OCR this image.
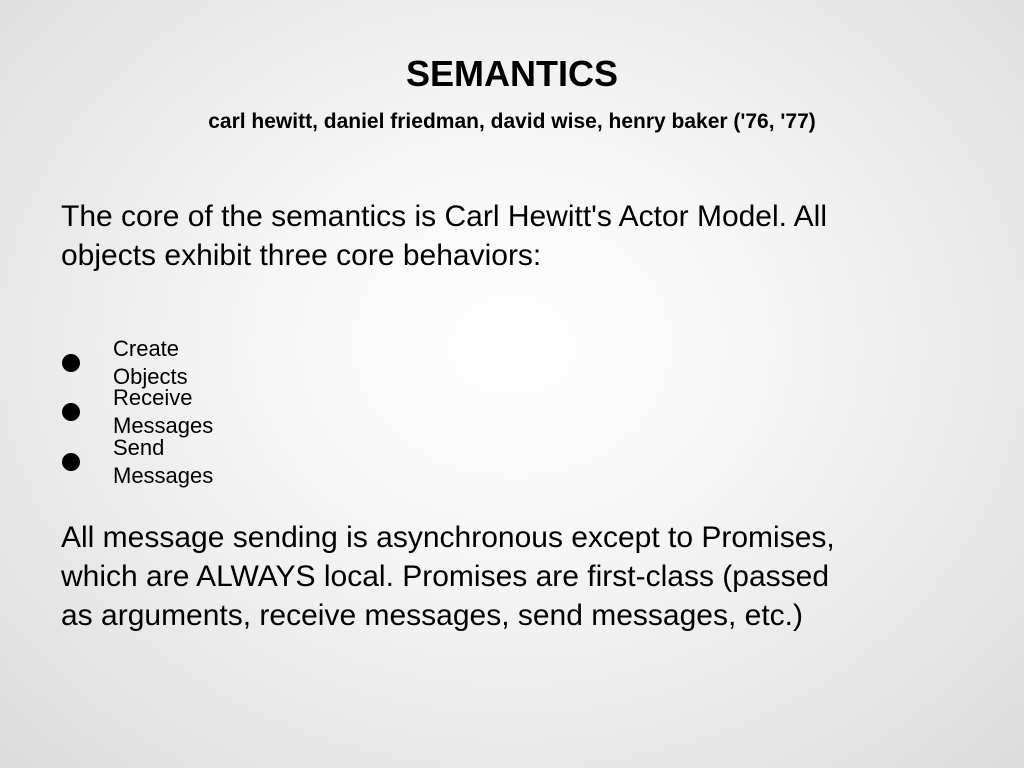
SEMANTICS
carl hewitt, daniel friedman, david wise, henry baker ('76, '77)
The core of the semantics is Carl Hewitt's Actor Model. All
objects exhibit three core behaviors:
Create Objects
Receive Messages
Send Messages
All message sending is asynchronous except to Promises,
which are ALWAYS local. Promises are first-class (passed
as arguments, receive messages, send messages, etc.)
